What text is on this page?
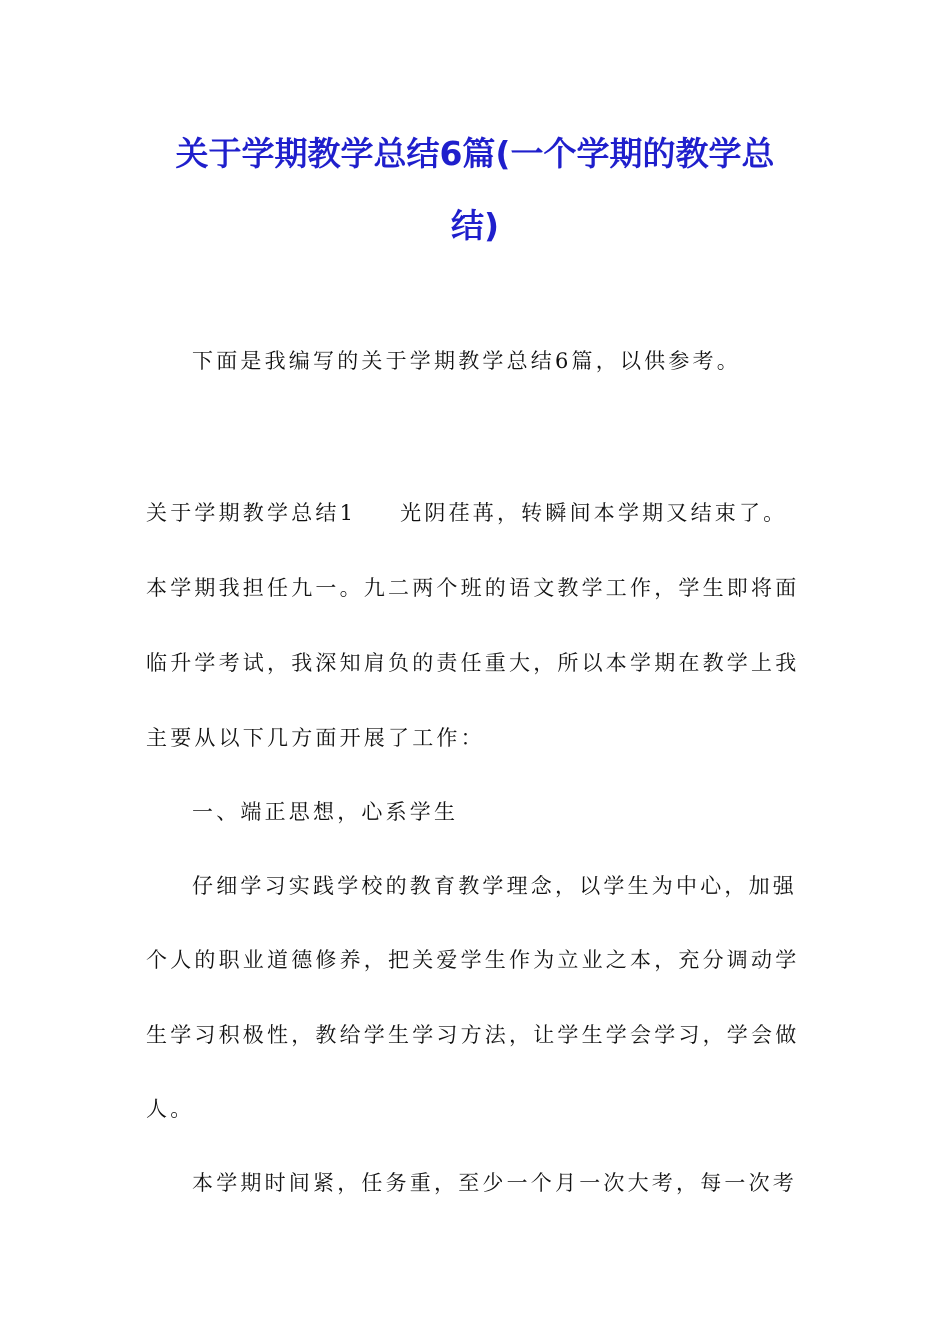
关于学期教学总结6篇(一个学期的教学总
结)
下面是我编写的关于学期教学总结6篇，以供参考。
关于学期教学总结1 光阴荏苒，转瞬间本学期又结束了。
本学期我担任九一。九二两个班的语文教学工作，学生即将面
临升学考试，我深知肩负的责任重大，所以本学期在教学上我
主要从以下几方面开展了工作：
一、端正思想，心系学生
仔细学习实践学校的教育教学理念，以学生为中心，加强
个人的职业道德修养，把关爱学生作为立业之本，充分调动学
生学习积极性，教给学生学习方法，让学生学会学习，学会做
人。
本学期时间紧，任务重，至少一个月一次大考，每一次考
